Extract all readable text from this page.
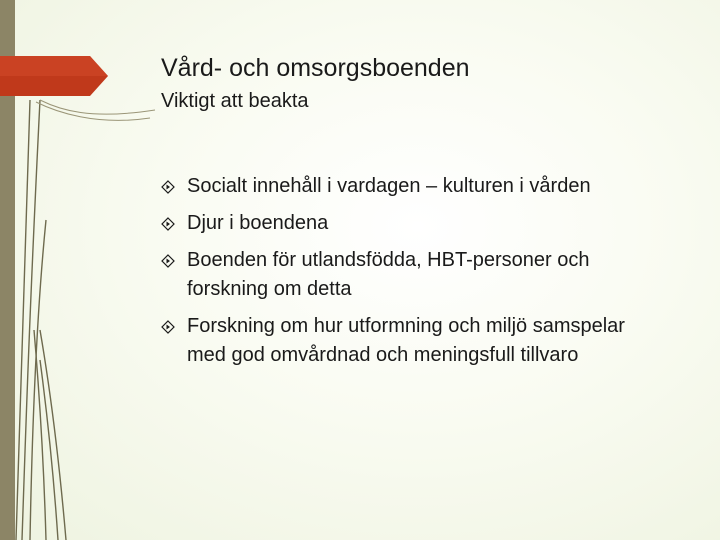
Vård- och omsorgsboenden
Viktigt att beakta
Socialt innehåll i vardagen – kulturen i vården
Djur i boendena
Boenden för utlandsfödda, HBT-personer och forskning om detta
Forskning om hur utformning och miljö samspelar med god omvårdnad och meningsfull tillvaro
